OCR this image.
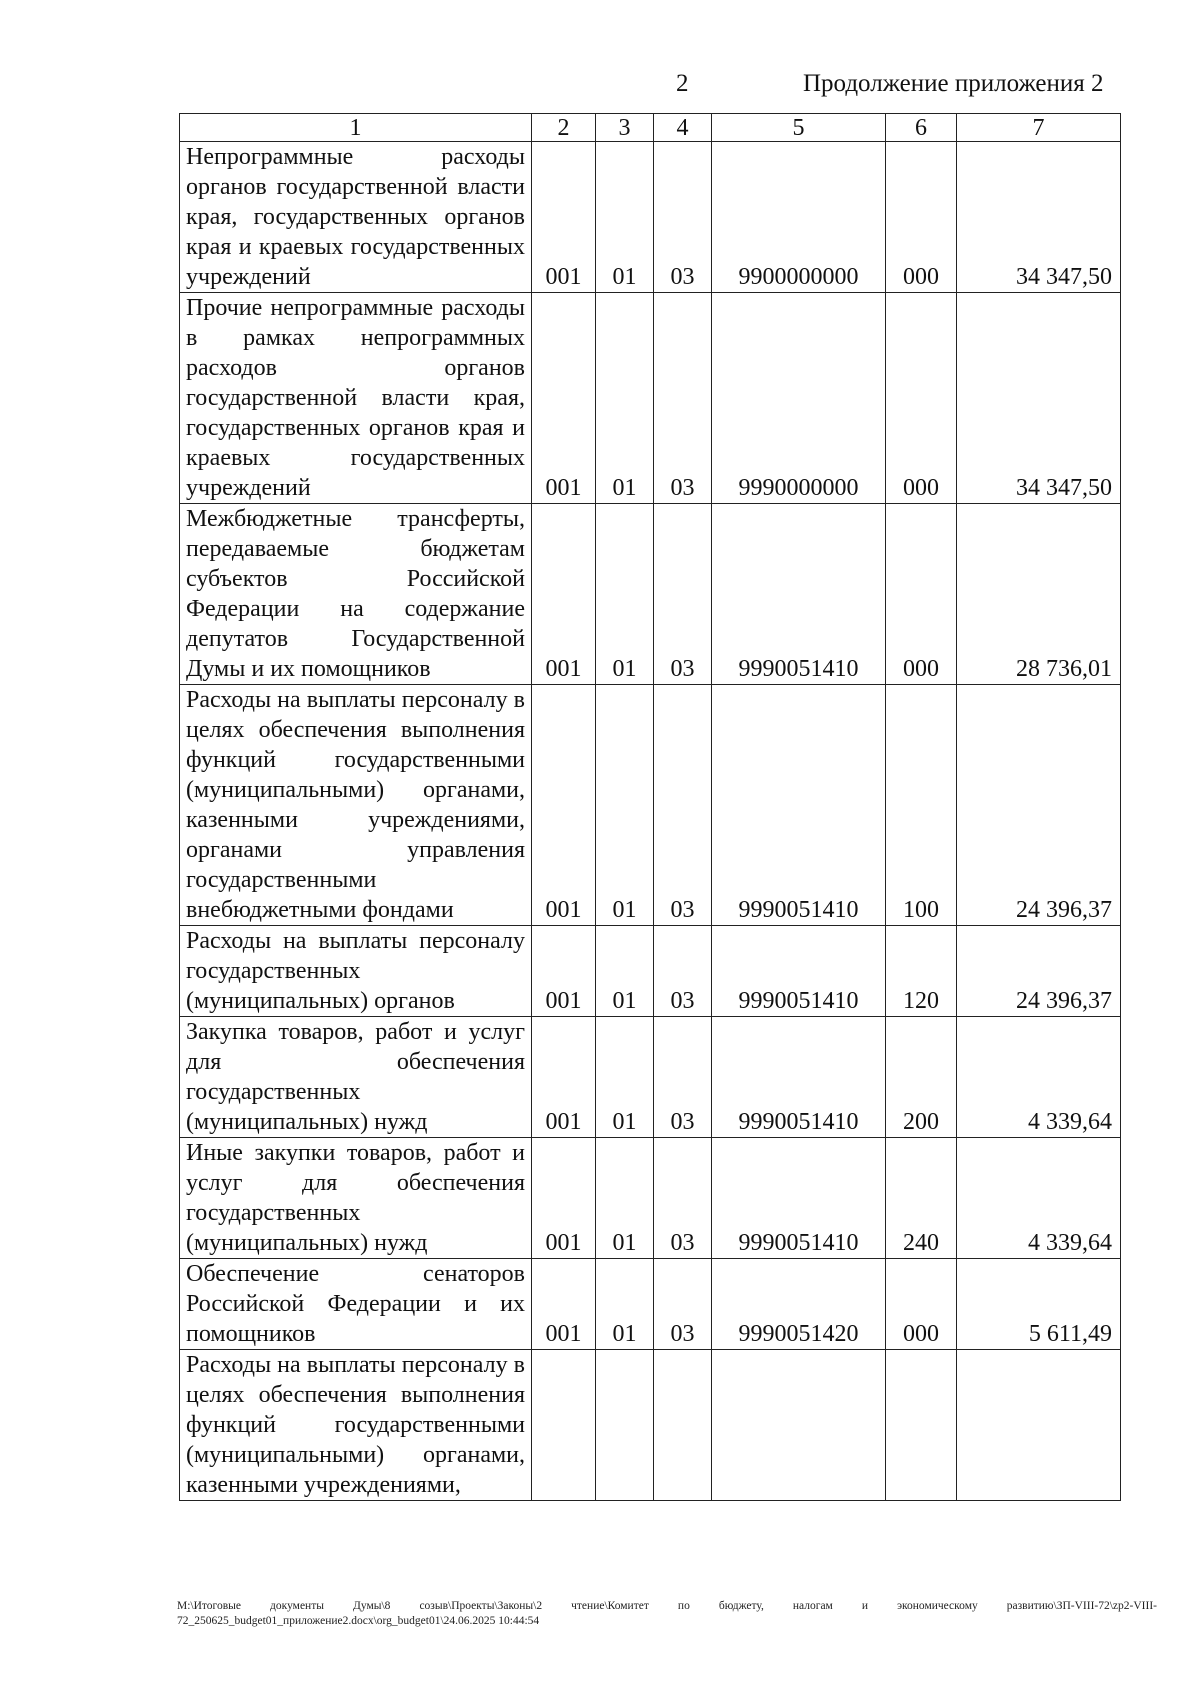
2	Продолжение приложения 2
1	2	3	4	5	6	7
Непрограммные расходы органов государственной власти края, государственных органов края и краевых государственных учреждений	001	01	03	9900000000	000	34 347,50
Прочие непрограммные расходы в рамках непрограммных расходов органов государственной власти края, государственных органов края и краевых государственных учреждений	001	01	03	9990000000	000	34 347,50
Межбюджетные трансферты, передаваемые бюджетам субъектов Российской Федерации на содержание депутатов Государственной Думы и их помощников	001	01	03	9990051410	000	28 736,01
Расходы на выплаты персоналу в целях обеспечения выполнения функций государственными (муниципальными) органами, казенными учреждениями, органами управления государственными внебюджетными фондами	001	01	03	9990051410	100	24 396,37
Расходы на выплаты персоналу государственных (муниципальных) органов	001	01	03	9990051410	120	24 396,37
Закупка товаров, работ и услуг для обеспечения государственных (муниципальных) нужд	001	01	03	9990051410	200	4 339,64
Иные закупки товаров, работ и услуг для обеспечения государственных (муниципальных) нужд	001	01	03	9990051410	240	4 339,64
Обеспечение сенаторов Российской Федерации и их помощников	001	01	03	9990051420	000	5 611,49
Расходы на выплаты персоналу в целях обеспечения выполнения функций государственными (муниципальными) органами, казенными учреждениями,						
M:\Итоговые документы Думы\8 созыв\Проекты\Законы\2 чтение\Комитет по бюджету, налогам и экономическому развитию\ЗП-VIII-72\zp2-VIII-72_250625_budget01_приложение2.docx\org_budget01\24.06.2025 10:44:54
